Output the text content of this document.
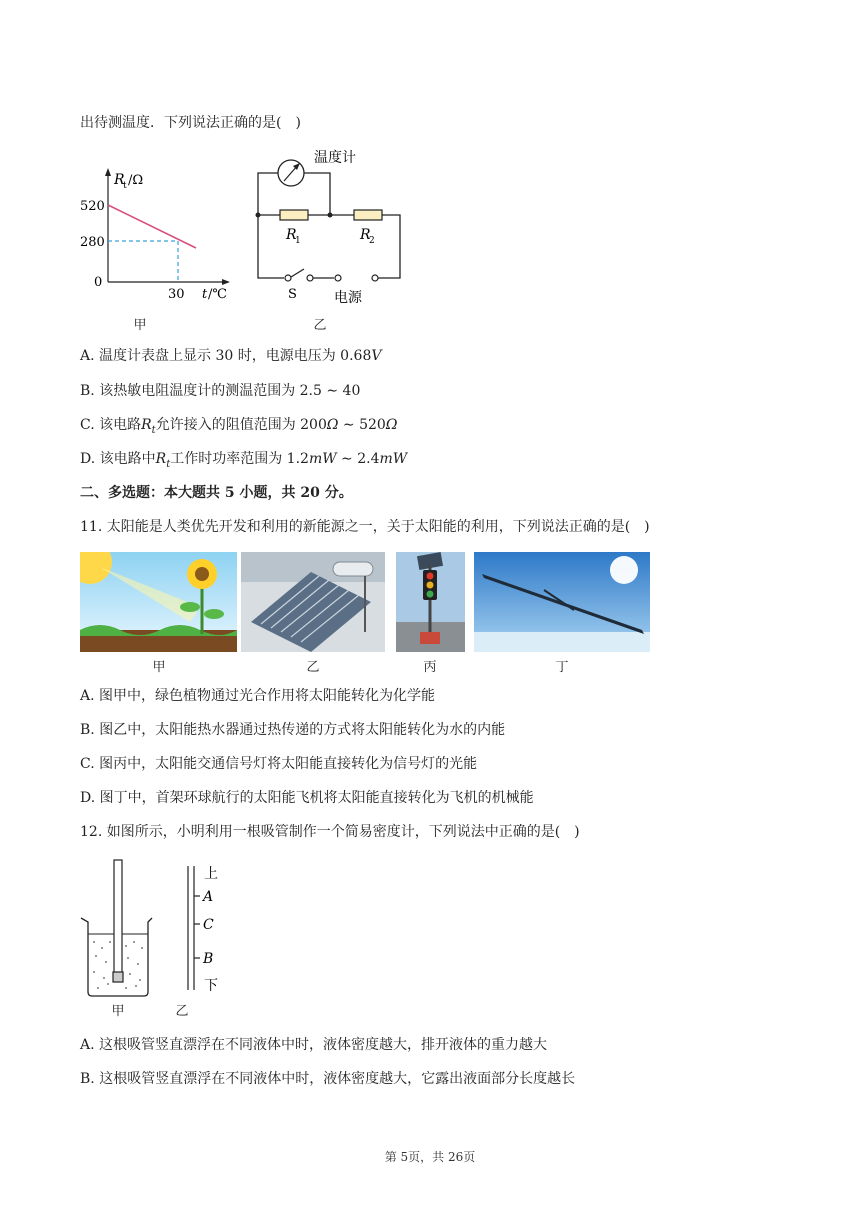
出待测温度．下列说法正确的是( )
R
t /Ω
520
280
0
30 t /℃
甲
温度计
R
1	R
2
S	电源
乙
A. 温度计表盘上显示 30 时，电源电压为 0.68V
B. 该热敏电阻温度计的测温范围为 2.5 ∼ 40
C. 该电路$R_t$允许接入的阻值范围为 200Ω ∼ 520Ω
D. 该电路中$R_t$工作时功率范围为 1.2mW ∼ 2.4mW
二、多选题：本大题共 5 小题，共 20 分。
11. 太阳能是人类优先开发和利用的新能源之一，关于太阳能的利用，下列说法正确的是( )
甲	乙	丙	丁
A. 图甲中，绿色植物通过光合作用将太阳能转化为化学能
B. 图乙中，太阳能热水器通过热传递的方式将太阳能转化为水的内能
C. 图丙中，太阳能交通信号灯将太阳能直接转化为信号灯的光能
D. 图丁中，首架环球航行的太阳能飞机将太阳能直接转化为飞机的机械能
12. 如图所示，小明利用一根吸管制作一个简易密度计，下列说法中正确的是( )
甲
上
A
C
B
下
乙
A. 这根吸管竖直漂浮在不同液体中时，液体密度越大，排开液体的重力越大
B. 这根吸管竖直漂浮在不同液体中时，液体密度越大，它露出液面部分长度越长
第 5页，共 26页
